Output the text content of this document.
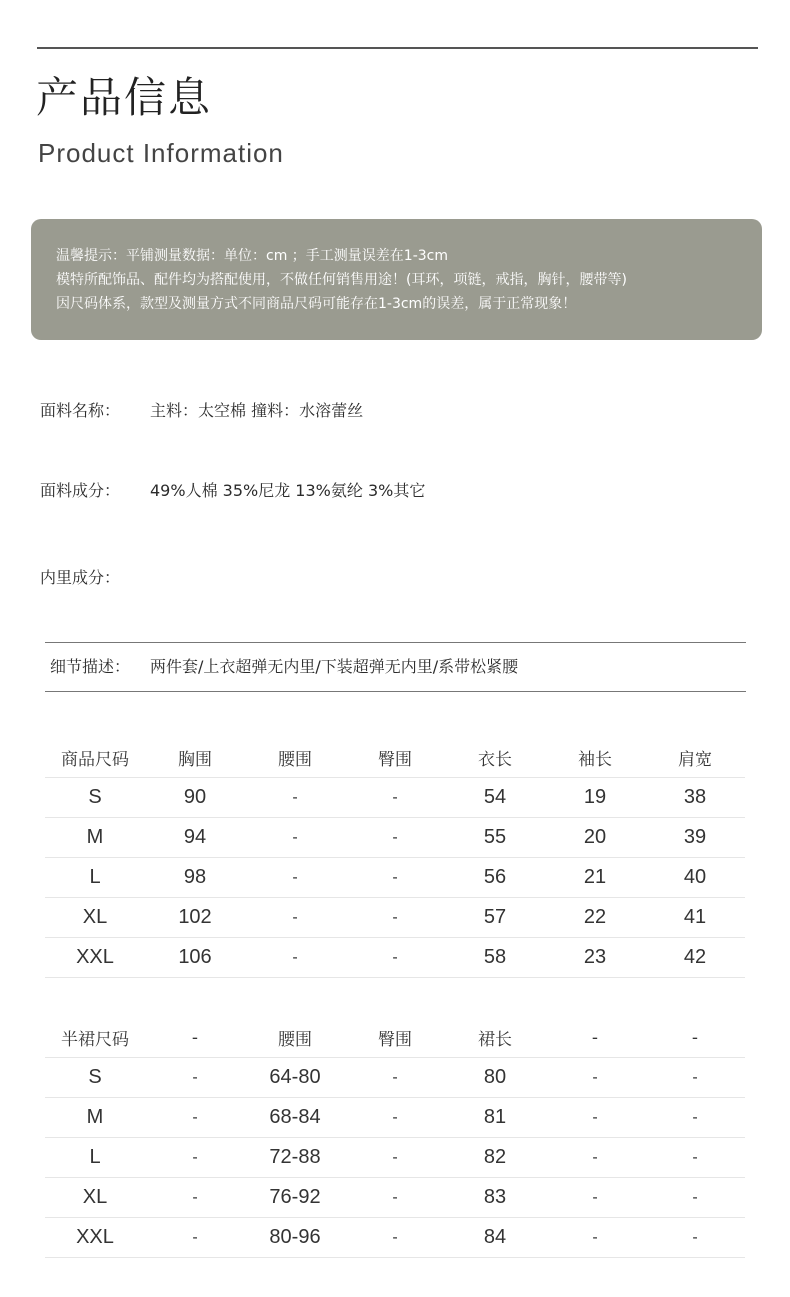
产品信息
Product Information
温馨提示：平铺测量数据：单位：cm ；手工测量误差在1-3cm
模特所配饰品、配件均为搭配使用，不做任何销售用途！(耳环，项链，戒指，胸针，腰带等)
因尺码体系，款型及测量方式不同商品尺码可能存在1-3cm的误差，属于正常现象！
面料名称： 主料：太空棉 撞料：水溶蕾丝
面料成分： 49%人棉 35%尼龙 13%氨纶 3%其它
内里成分：
细节描述： 两件套/上衣超弹无内里/下装超弹无内里/系带松紧腰
商品尺码	胸围	腰围	臀围	衣长	袖长	肩宽
S	90	-	-	54	19	38
M	94	-	-	55	20	39
L	98	-	-	56	21	40
XL	102	-	-	57	22	41
XXL	106	-	-	58	23	42
半裙尺码	-	腰围	臀围	裙长	-	-
S	-	64-80	-	80	-	-
M	-	68-84	-	81	-	-
L	-	72-88	-	82	-	-
XL	-	76-92	-	83	-	-
XXL	-	80-96	-	84	-	-
